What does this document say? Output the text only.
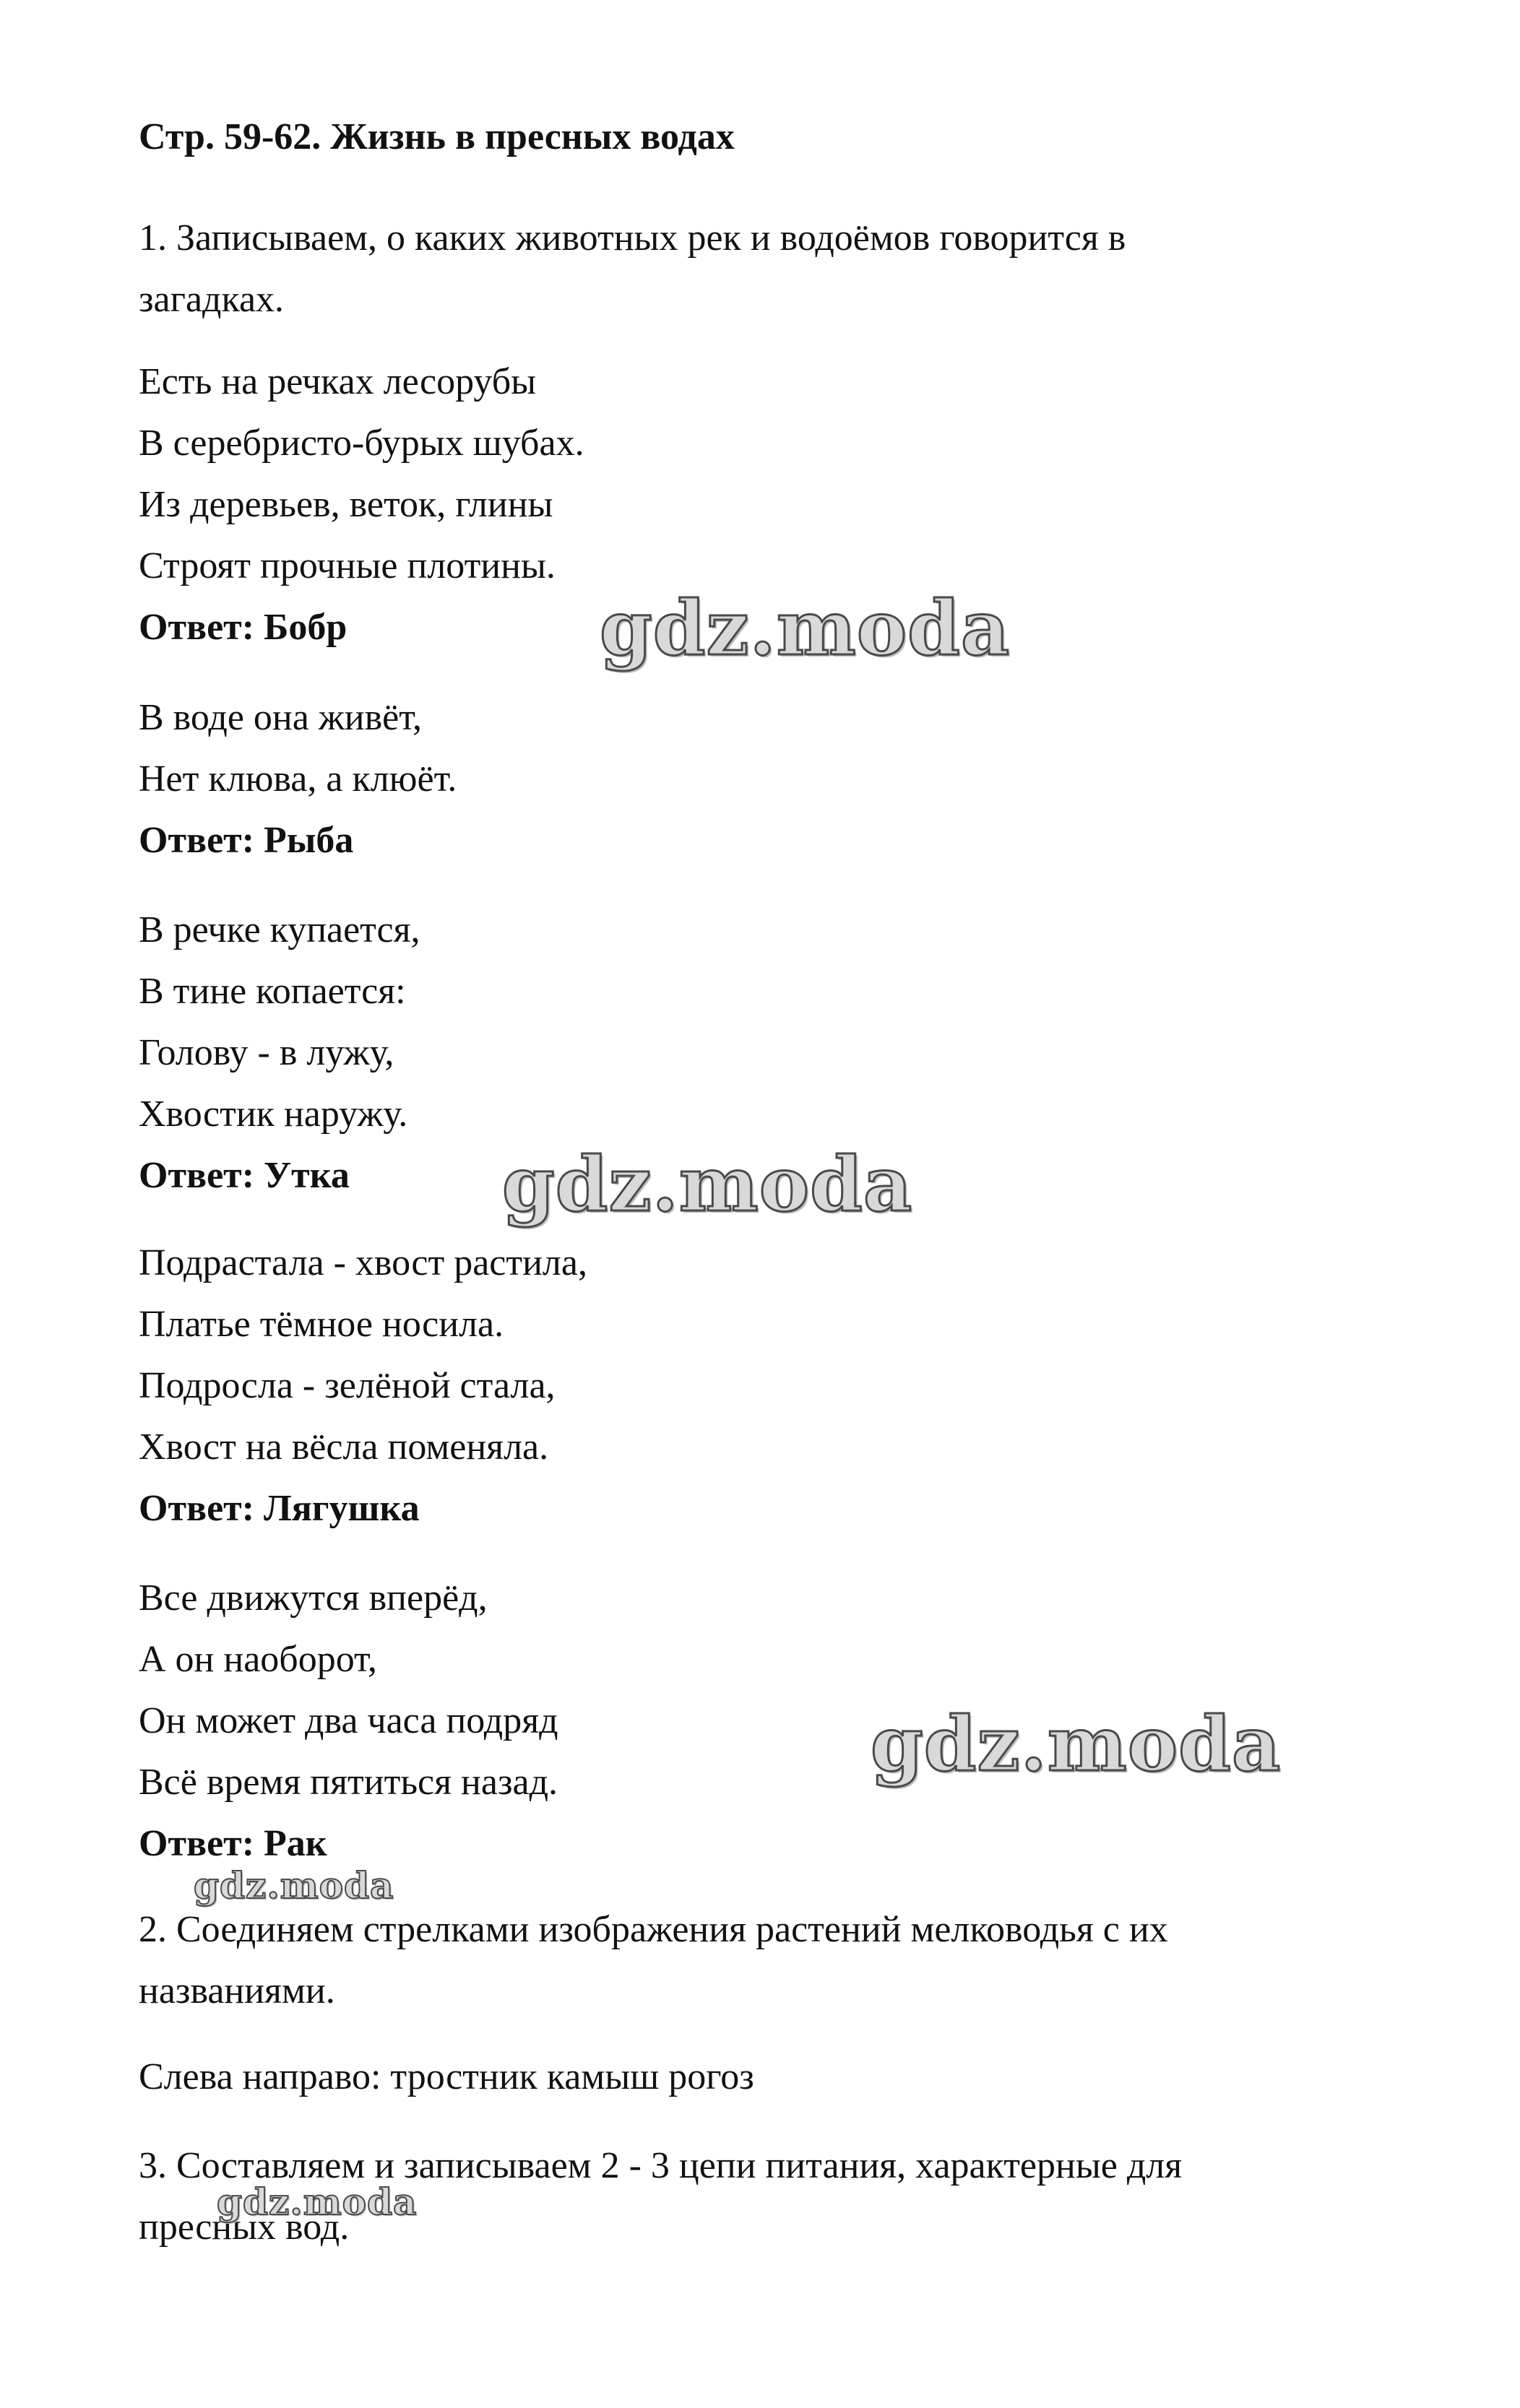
Стр. 59-62. Жизнь в пресных водах
1. Записываем, о каких животных рек и водоёмов говорится в
загадках.
Есть на речках лесорубы
В серебристо-бурых шубах.
Из деревьев, веток, глины
Строят прочные плотины.
Ответ: Бобр
В воде она живёт,
Нет клюва, а клюёт.
Ответ: Рыба
В речке купается,
В тине копается:
Голову - в лужу,
Хвостик наружу.
Ответ: Утка
Подрастала - хвост растила,
Платье тёмное носила.
Подросла - зелёной стала,
Хвост на вёсла поменяла.
Ответ: Лягушка
Все движутся вперёд,
А он наоборот,
Он может два часа подряд
Всё время пятиться назад.
Ответ: Рак
2. Соединяем стрелками изображения растений мелководья с их
названиями.
Слева направо: тростник камыш рогоз
3. Составляем и записываем 2 - 3 цепи питания, характерные для
пресных вод.
gdz.moda
gdz.moda
gdz.moda
gdz.moda
gdz.moda
